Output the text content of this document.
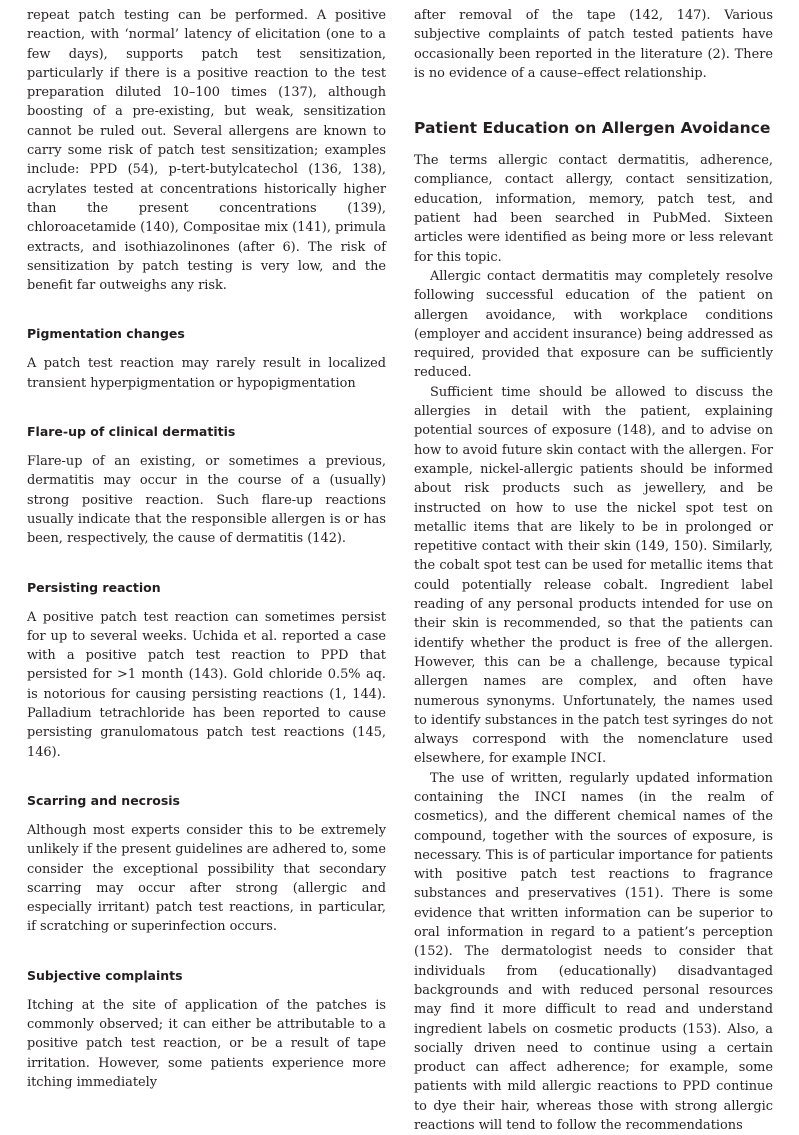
repeat patch testing can be performed. A positive reaction, with ‘normal’ latency of elicitation (one to a few days), supports patch test sensitization, particularly if there is a positive reaction to the test preparation diluted 10–100 times (137), although boosting of a pre-existing, but weak, sensitization cannot be ruled out. Several allergens are known to carry some risk of patch test sensitization; examples include: PPD (54), p-tert-butylcatechol (136, 138), acrylates tested at concentrations historically higher than the present concentrations (139), chloroacetamide (140), Compositae mix (141), primula extracts, and isothiazolinones (after 6). The risk of sensitization by patch testing is very low, and the benefit far outweighs any risk.

Pigmentation changes

A patch test reaction may rarely result in localized transient hyperpigmentation or hypopigmentation

Flare-up of clinical dermatitis

Flare-up of an existing, or sometimes a previous, dermatitis may occur in the course of a (usually) strong positive reaction. Such flare-up reactions usually indicate that the responsible allergen is or has been, respectively, the cause of dermatitis (142).

Persisting reaction

A positive patch test reaction can sometimes persist for up to several weeks. Uchida et al. reported a case with a positive patch test reaction to PPD that persisted for >1 month (143). Gold chloride 0.5% aq. is notorious for causing persisting reactions (1, 144). Palladium tetrachloride has been reported to cause persisting granulomatous patch test reactions (145, 146).

Scarring and necrosis

Although most experts consider this to be extremely unlikely if the present guidelines are adhered to, some consider the exceptional possibility that secondary scarring may occur after strong (allergic and especially irritant) patch test reactions, in particular, if scratching or superinfection occurs.

Subjective complaints

Itching at the site of application of the patches is commonly observed; it can either be attributable to a positive patch test reaction, or be a result of tape irritation. However, some patients experience more itching immediately

after removal of the tape (142, 147). Various subjective complaints of patch tested patients have occasionally been reported in the literature (2). There is no evidence of a cause–effect relationship.

Patient Education on Allergen Avoidance

The terms allergic contact dermatitis, adherence, compliance, contact allergy, contact sensitization, education, information, memory, patch test, and patient had been searched in PubMed. Sixteen articles were identified as being more or less relevant for this topic.

Allergic contact dermatitis may completely resolve following successful education of the patient on allergen avoidance, with workplace conditions (employer and accident insurance) being addressed as required, provided that exposure can be sufficiently reduced.

Sufficient time should be allowed to discuss the allergies in detail with the patient, explaining potential sources of exposure (148), and to advise on how to avoid future skin contact with the allergen. For example, nickel-allergic patients should be informed about risk products such as jewellery, and be instructed on how to use the nickel spot test on metallic items that are likely to be in prolonged or repetitive contact with their skin (149, 150). Similarly, the cobalt spot test can be used for metallic items that could potentially release cobalt. Ingredient label reading of any personal products intended for use on their skin is recommended, so that the patients can identify whether the product is free of the allergen. However, this can be a challenge, because typical allergen names are complex, and often have numerous synonyms. Unfortunately, the names used to identify substances in the patch test syringes do not always correspond with the nomenclature used elsewhere, for example INCI.

The use of written, regularly updated information containing the INCI names (in the realm of cosmetics), and the different chemical names of the compound, together with the sources of exposure, is necessary. This is of particular importance for patients with positive patch test reactions to fragrance substances and preservatives (151). There is some evidence that written information can be superior to oral information in regard to a patient’s perception (152). The dermatologist needs to consider that individuals from (educationally) disadvantaged backgrounds and with reduced personal resources may find it more difficult to read and understand ingredient labels on cosmetic products (153). Also, a socially driven need to continue using a certain product can affect adherence; for example, some patients with mild allergic reactions to PPD continue to dye their hair, whereas those with strong allergic reactions will tend to follow the recommendations
